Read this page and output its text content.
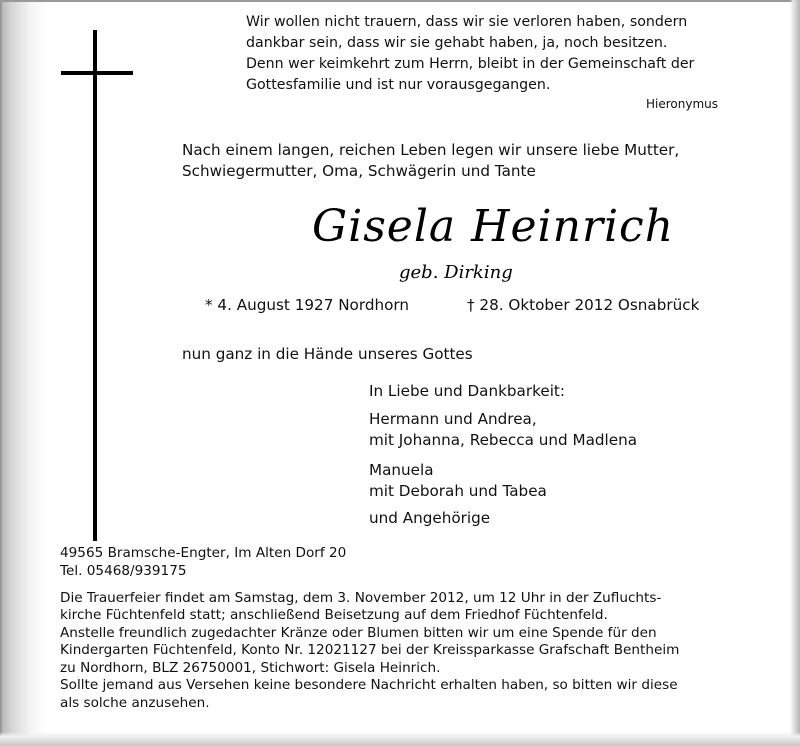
Wir wollen nicht trauern, dass wir sie verloren haben, sondern
dankbar sein, dass wir sie gehabt haben, ja, noch besitzen.
Denn wer keimkehrt zum Herrn, bleibt in der Gemeinschaft der
Gottesfamilie und ist nur vorausgegangen.
Hieronymus
Nach einem langen, reichen Leben legen wir unsere liebe Mutter,
Schwiegermutter, Oma, Schwägerin und Tante
Gisela Heinrich
geb. Dirking
* 4. August 1927 Nordhorn	† 28. Oktober 2012 Osnabrück
nun ganz in die Hände unseres Gottes
In Liebe und Dankbarkeit:
Hermann und Andrea,
mit Johanna, Rebecca und Madlena
Manuela
mit Deborah und Tabea
und Angehörige
49565 Bramsche-Engter, Im Alten Dorf 20
Tel. 05468/939175
Die Trauerfeier findet am Samstag, dem 3. November 2012, um 12 Uhr in der Zufluchts-
kirche Füchtenfeld statt; anschließend Beisetzung auf dem Friedhof Füchtenfeld.
Anstelle freundlich zugedachter Kränze oder Blumen bitten wir um eine Spende für den
Kindergarten Füchtenfeld, Konto Nr. 12021127 bei der Kreissparkasse Grafschaft Bentheim
zu Nordhorn, BLZ 26750001, Stichwort: Gisela Heinrich.
Sollte jemand aus Versehen keine besondere Nachricht erhalten haben, so bitten wir diese
als solche anzusehen.
